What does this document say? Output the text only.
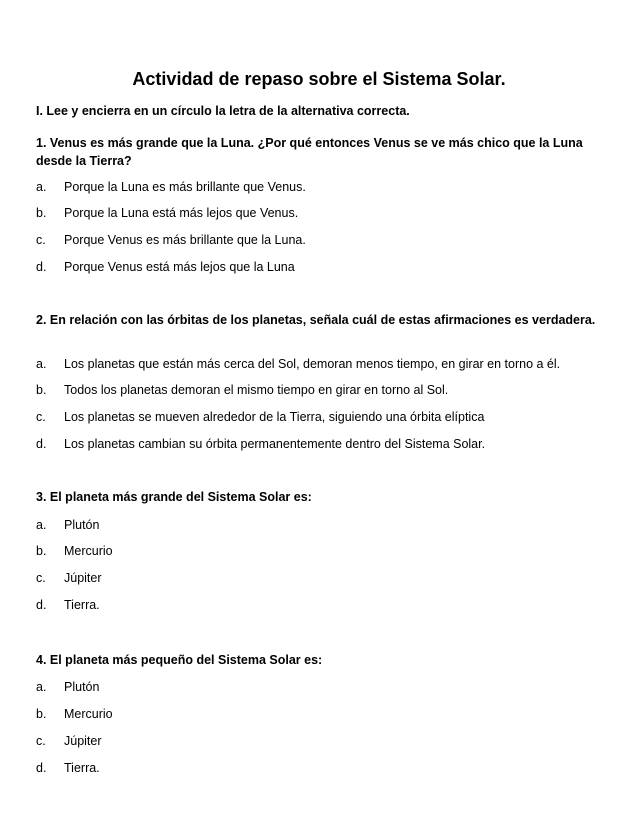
Actividad de repaso sobre el Sistema Solar.
I. Lee y encierra en un círculo la letra de la alternativa correcta.
1. Venus es más grande que la Luna. ¿Por qué entonces Venus se ve más chico que la Luna desde la Tierra?
a. Porque la Luna es más brillante que Venus.
b. Porque la Luna está más lejos que Venus.
c. Porque Venus es más brillante que la Luna.
d. Porque Venus está más lejos que la Luna
2. En relación con las órbitas de los planetas, señala cuál de estas afirmaciones es verdadera.
a. Los planetas que están más cerca del Sol, demoran menos tiempo, en girar en torno a él.
b. Todos los planetas demoran el mismo tiempo en girar en torno al Sol.
c. Los planetas se mueven alrededor de la Tierra, siguiendo una órbita elíptica
d. Los planetas cambian su órbita permanentemente dentro del Sistema Solar.
3. El planeta más grande del Sistema Solar es:
a. Plutón
b. Mercurio
c. Júpiter
d. Tierra.
4. El planeta más pequeño del Sistema Solar es:
a. Plutón
b. Mercurio
c. Júpiter
d. Tierra.
